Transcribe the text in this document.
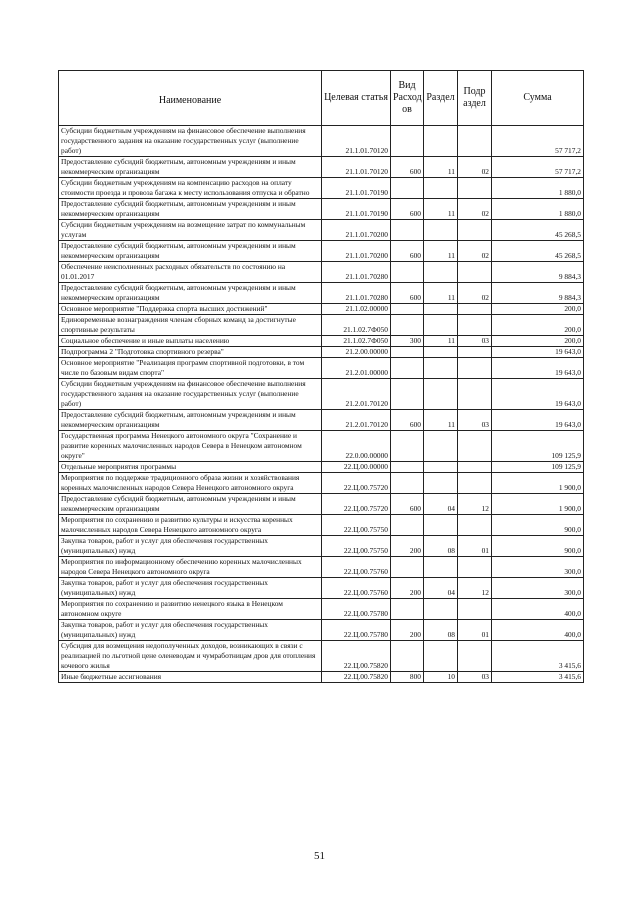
Наименование	Целевая статья	Вид Расход ов	Раздел	Подр аздел	Сумма
Субсидии бюджетным учреждениям на финансовое обеспечение выполнения государственного задания на оказание государственных услуг (выполнение работ)	21.1.01.70120				57 717,2
Предоставление субсидий бюджетным, автономным учреждениям и иным некоммерческим организациям	21.1.01.70120	600	11	02	57 717,2
Субсидии бюджетным учреждениям на компенсацию расходов на оплату стоимости проезда и провоза багажа к месту использования отпуска и обратно	21.1.01.70190				1 880,0
Предоставление субсидий бюджетным, автономным учреждениям и иным некоммерческим организациям	21.1.01.70190	600	11	02	1 880,0
Субсидии бюджетным учреждениям на возмещение затрат по коммунальным услугам	21.1.01.70200				45 268,5
Предоставление субсидий бюджетным, автономным учреждениям и иным некоммерческим организациям	21.1.01.70200	600	11	02	45 268,5
Обеспечение неисполненных расходных обязательств по состоянию на 01.01.2017	21.1.01.70280				9 884,3
Предоставление субсидий бюджетным, автономным учреждениям и иным некоммерческим организациям	21.1.01.70280	600	11	02	9 884,3
Основное мероприятие "Поддержка спорта высших достижений"	21.1.02.00000				200,0
Единовременные вознаграждения членам сборных команд за достигнутые спортивные результаты	21.1.02.7Ф050				200,0
Социальное обеспечение и иные выплаты населению	21.1.02.7Ф050	300	11	03	200,0
Подпрограмма 2 "Подготовка спортивного резерва"	21.2.00.00000				19 643,0
Основное мероприятие "Реализация программ спортивной подготовки, в том числе по базовым видам спорта"	21.2.01.00000				19 643,0
Субсидии бюджетным учреждениям на финансовое обеспечение выполнения государственного задания на оказание государственных услуг (выполнение работ)	21.2.01.70120				19 643,0
Предоставление субсидий бюджетным, автономным учреждениям и иным некоммерческим организациям	21.2.01.70120	600	11	03	19 643,0
Государственная программа Ненецкого автономного округа "Сохранение и развитие коренных малочисленных народов Севера в Ненецком автономном округе"	22.0.00.00000				109 125,9
Отдельные мероприятия программы	22.Ц.00.00000				109 125,9
Мероприятия по поддержке традиционного образа жизни и хозяйствования коренных малочисленных народов Севера Ненецкого автономного округа	22.Ц.00.75720				1 900,0
Предоставление субсидий бюджетным, автономным учреждениям и иным некоммерческим организациям	22.Ц.00.75720	600	04	12	1 900,0
Мероприятия по сохранению и развитию культуры и искусства коренных малочисленных народов Севера Ненецкого автономного округа	22.Ц.00.75750				900,0
Закупка товаров, работ и услуг для обеспечения государственных (муниципальных) нужд	22.Ц.00.75750	200	08	01	900,0
Мероприятия по информационному обеспечению коренных малочисленных народов Севера Ненецкого автономного округа	22.Ц.00.75760				300,0
Закупка товаров, работ и услуг для обеспечения государственных (муниципальных) нужд	22.Ц.00.75760	200	04	12	300,0
Мероприятия по сохранению и развитию ненецкого языка в Ненецком автономном округе	22.Ц.00.75780				400,0
Закупка товаров, работ и услуг для обеспечения государственных (муниципальных) нужд	22.Ц.00.75780	200	08	01	400,0
Субсидия для возмещения недополученных доходов, возникающих в связи с реализацией по льготной цене оленеводам и чумработницам дров для отопления кочевого жилья	22.Ц.00.75820				3 415,6
Иные бюджетные ассигнования	22.Ц.00.75820	800	10	03	3 415,6
51
